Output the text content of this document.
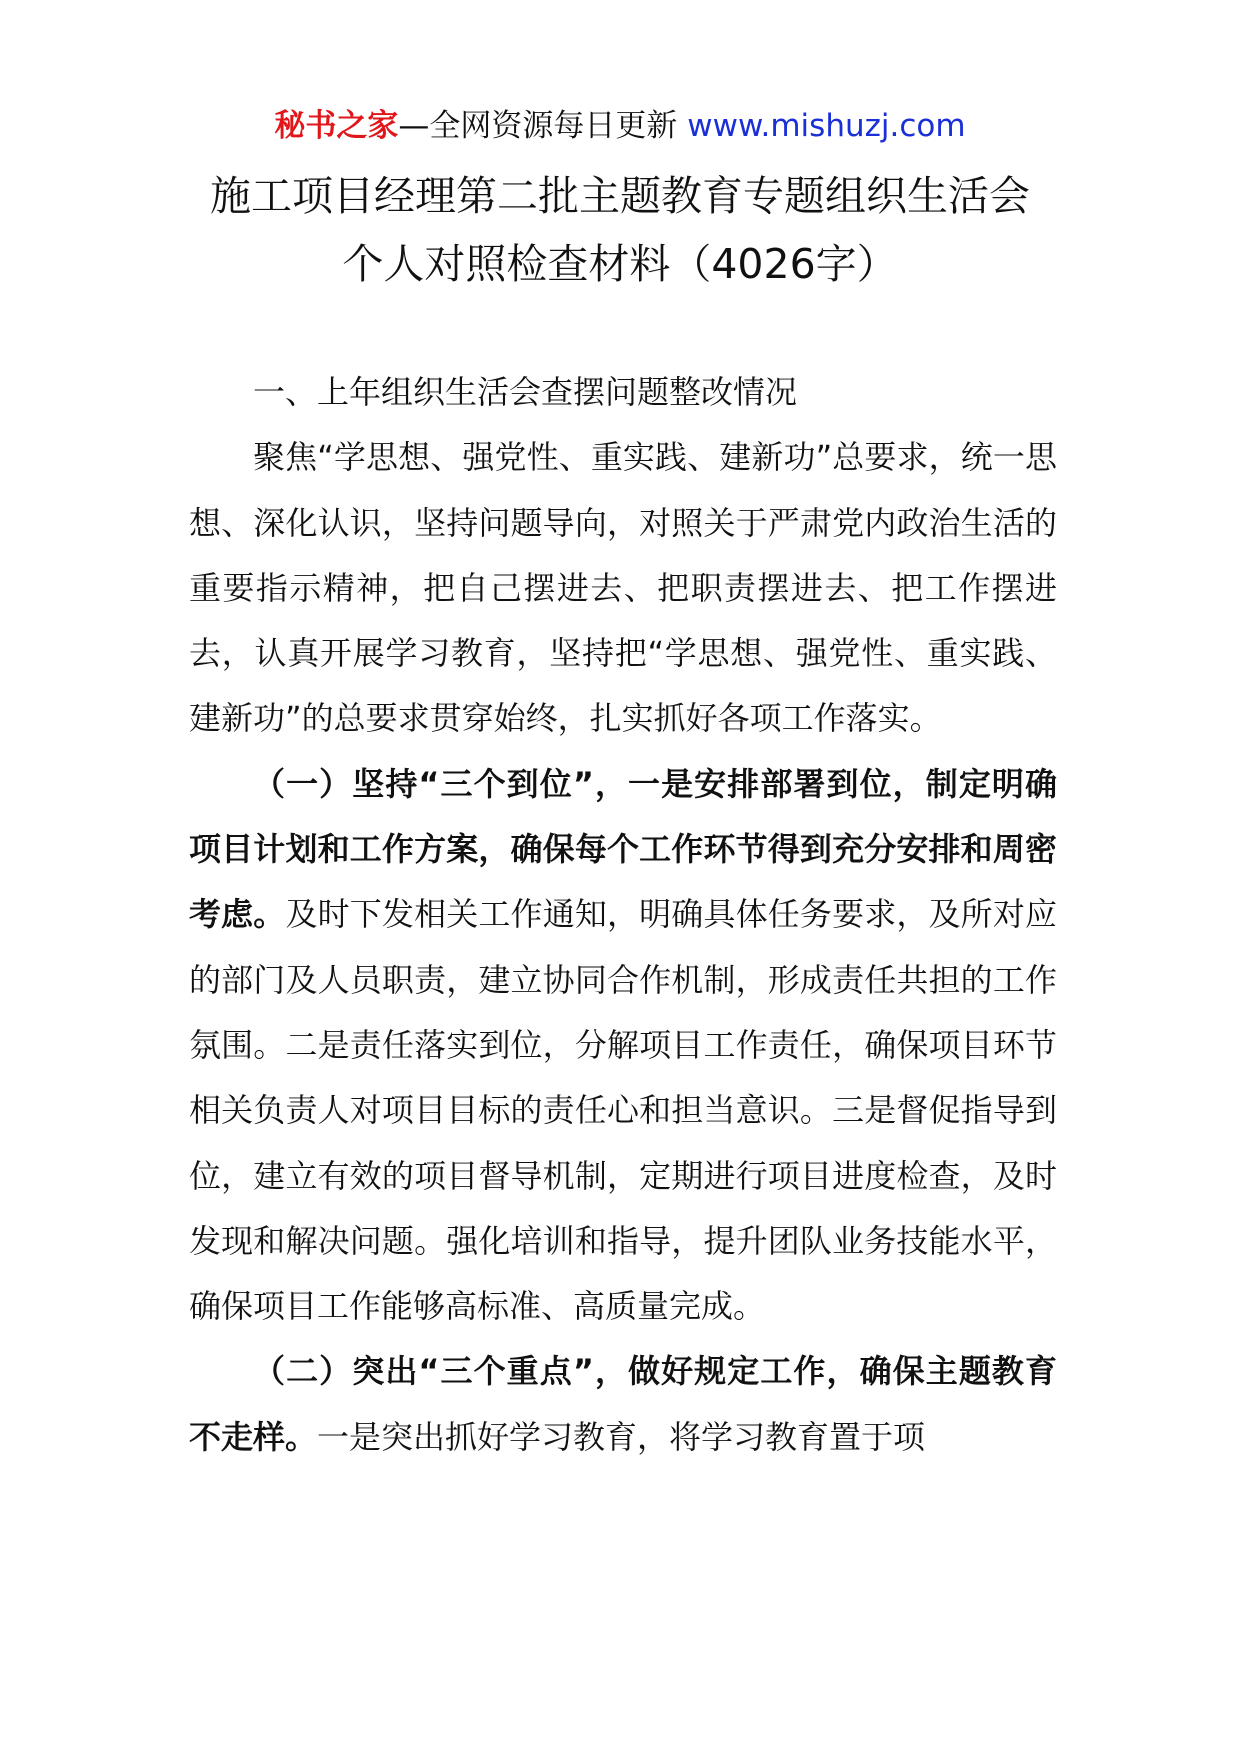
秘书之家—全网资源每日更新 www.mishuzj.com
施工项目经理第二批主题教育专题组织生活会
个人对照检查材料（4026字）

一、上年组织生活会查摆问题整改情况

聚焦“学思想、强党性、重实践、建新功”总要求，统一思想、深化认识，坚持问题导向，对照关于严肃党内政治生活的重要指示精神，把自己摆进去、把职责摆进去、把工作摆进去，认真开展学习教育，坚持把“学思想、强党性、重实践、建新功”的总要求贯穿始终，扎实抓好各项工作落实。

（一）坚持“三个到位”，一是安排部署到位，制定明确项目计划和工作方案，确保每个工作环节得到充分安排和周密考虑。及时下发相关工作通知，明确具体任务要求，及所对应的部门及人员职责，建立协同合作机制，形成责任共担的工作氛围。二是责任落实到位，分解项目工作责任，确保项目环节相关负责人对项目目标的责任心和担当意识。三是督促指导到位，建立有效的项目督导机制，定期进行项目进度检查，及时发现和解决问题。强化培训和指导，提升团队业务技能水平，确保项目工作能够高标准、高质量完成。

（二）突出“三个重点”，做好规定工作，确保主题教育不走样。一是突出抓好学习教育，将学习教育置于项
